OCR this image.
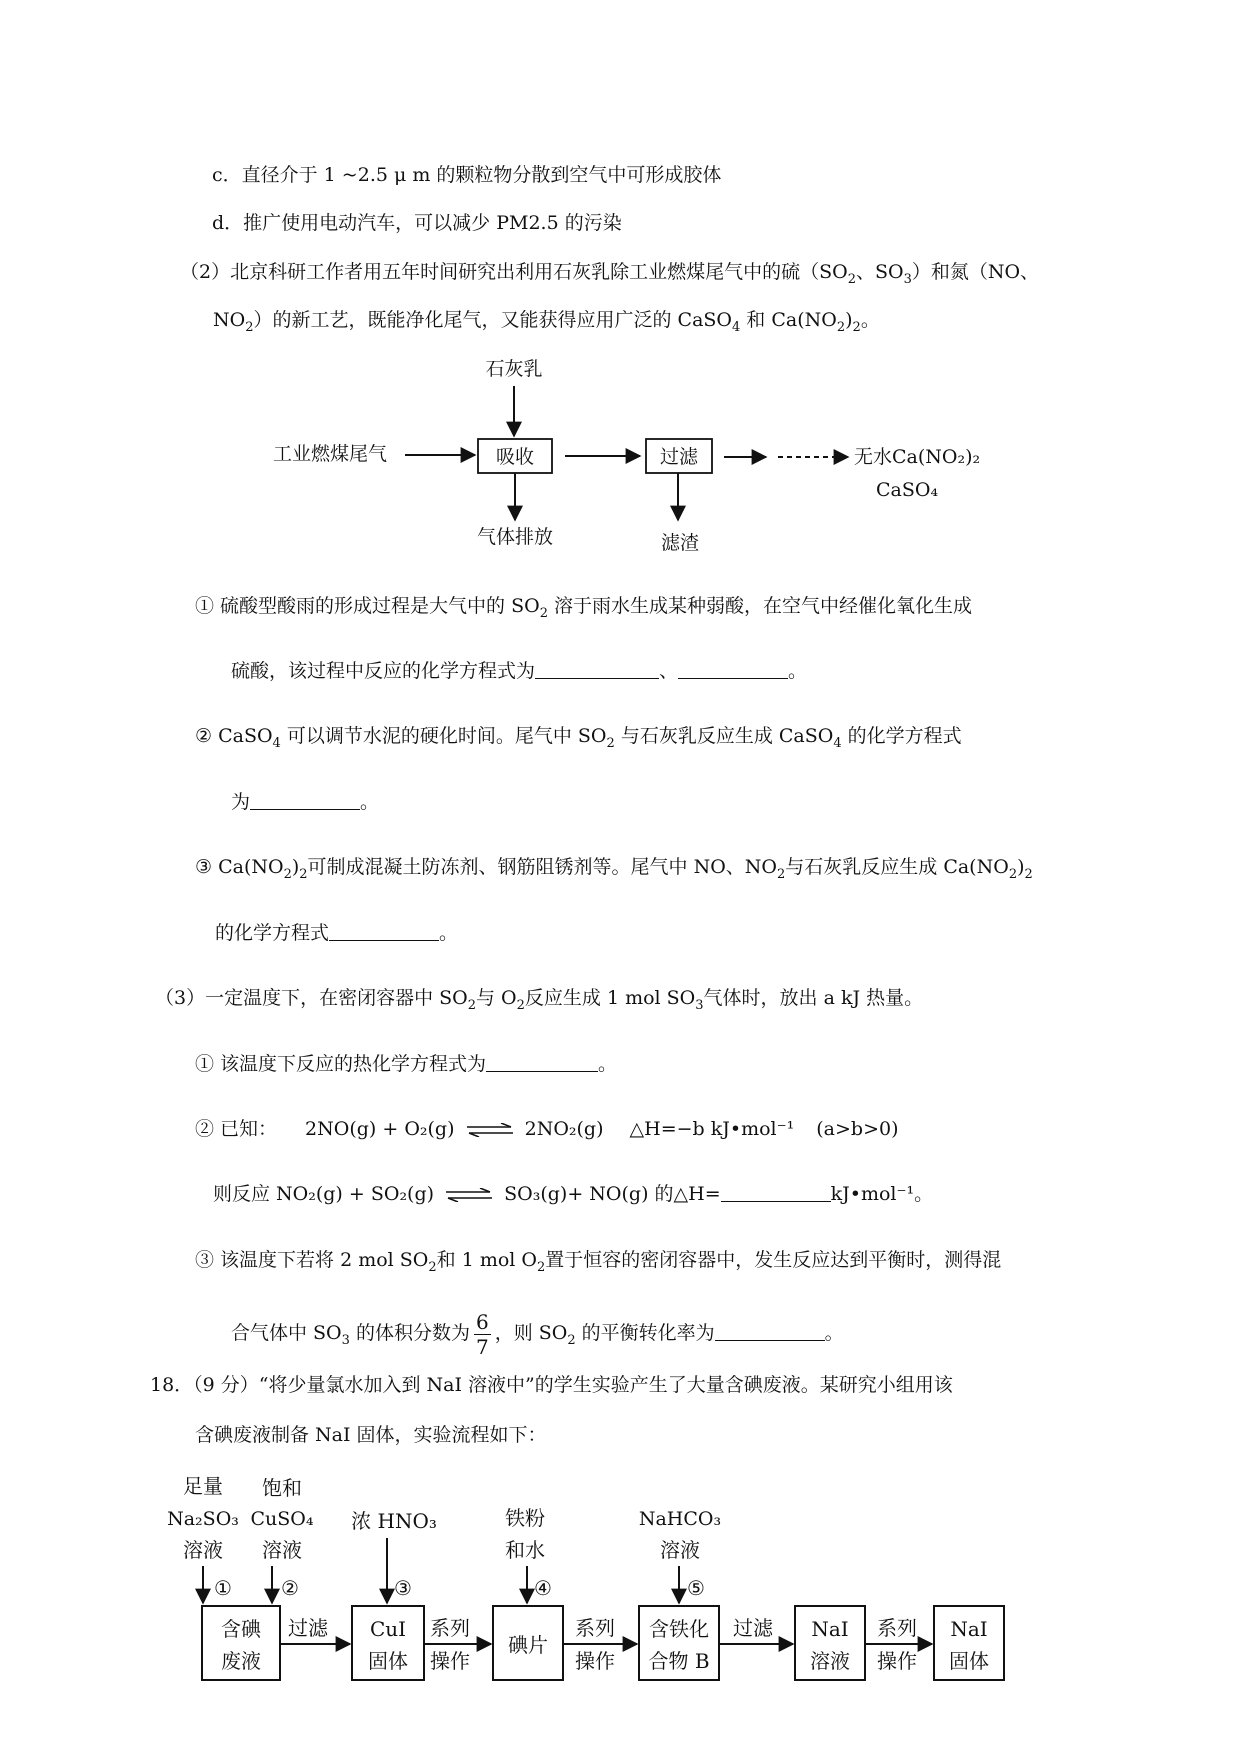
c．直径介于 1 ~2.5 μ m 的颗粒物分散到空气中可形成胶体
d．推广使用电动汽车，可以减少 PM2.5 的污染
（2）北京科研工作者用五年时间研究出利用石灰乳除工业燃煤尾气中的硫（$SO_2$、$SO_3$）和氮（NO、
$NO_2$）的新工艺，既能净化尾气，又能获得应用广泛的 CaSO$_4$ 和 $Ca(NO_2)_2$。
石灰乳
工业燃煤尾气	吸收
气体排放
过滤
滤渣
无水Ca(NO₂)₂
CaSO₄
① 硫酸型酸雨的形成过程是大气中的 $SO_2$ 溶于雨水生成某种弱酸，在空气中经催化氧化生成
硫酸，该过程中反应的化学方程式为	、	。
② CaSO$_4$ 可以调节水泥的硬化时间。尾气中 $SO_2$ 与石灰乳反应生成 CaSO$_4$ 的化学方程式
为	。
③ $Ca(NO_2)_2$可制成混凝土防冻剂、钢筋阻锈剂等。尾气中 NO、$NO_2$与石灰乳反应生成 $Ca(NO_2)_2$
的化学方程式	。
（3）一定温度下，在密闭容器中 $SO_2$与 $O_2$反应生成 1 mol $SO_3$气体时，放出 a kJ 热量。
① 该温度下反应的热化学方程式为	。
② 已知： 2NO(g) + O₂(g) ⇌ 2NO₂(g) △H=−b kJ•mol⁻¹ (a>b>0)
则反应 NO₂(g) + SO₂(g) ⇌ SO₃(g)+ NO(g) 的△H=	kJ•mol⁻¹。
③ 该温度下若将 2 mol $SO_2$和 1 mol $O_2$置于恒容的密闭容器中，发生反应达到平衡时，测得混
合气体中 $SO_3$ 的体积分数为 $\frac{6}{7}$ ，则 $SO_2$ 的平衡转化率为	。
18．（9 分）“将少量氯水加入到 NaI 溶液中”的学生实验产生了大量含碘废液。某研究小组用该
含碘废液制备 NaI 固体，实验流程如下：
足量
Na₂SO₃
溶液
①
饱和
CuSO₄
溶液
②
浓 HNO₃
③
铁粉
和水
④
NaHCO₃
溶液
⑤
含碘
废液
过滤 CuI
固体
系列
操作
碘片
系列
操作
含铁化
合物 B
过滤 NaI
溶液
系列
操作
NaI
固体
